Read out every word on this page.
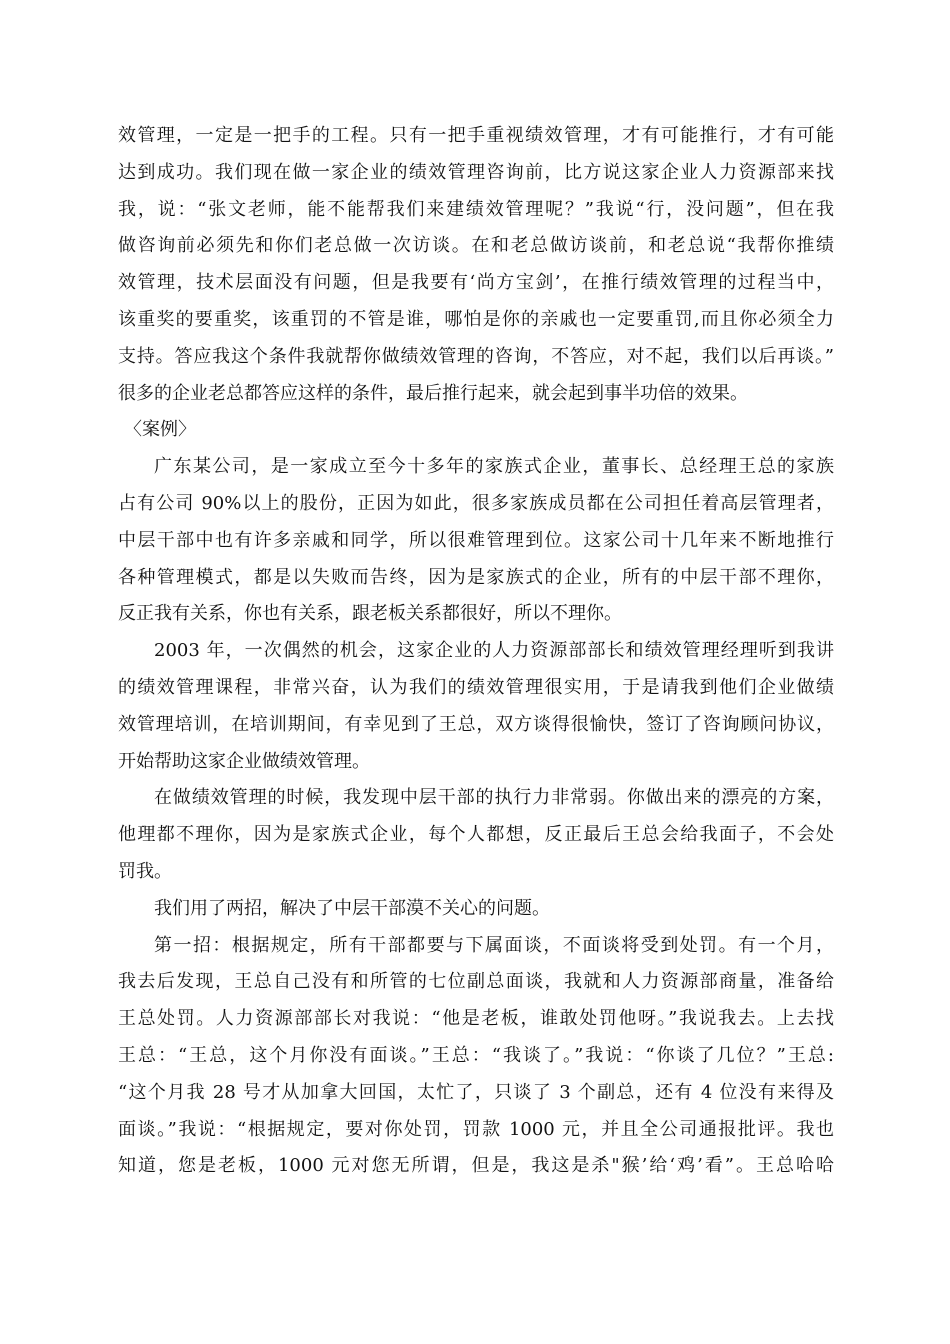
效管理，一定是一把手的工程。只有一把手重视绩效管理，才有可能推行，才有可能
达到成功。我们现在做一家企业的绩效管理咨询前，比方说这家企业人力资源部来找
我，说：“张文老师，能不能帮我们来建绩效管理呢？”我说“行，没问题”，但在我
做咨询前必须先和你们老总做一次访谈。在和老总做访谈前，和老总说“我帮你推绩
效管理，技术层面没有问题，但是我要有‘尚方宝剑’，在推行绩效管理的过程当中，
该重奖的要重奖，该重罚的不管是谁，哪怕是你的亲戚也一定要重罚,而且你必须全力
支持。答应我这个条件我就帮你做绩效管理的咨询，不答应，对不起，我们以后再谈。”
很多的企业老总都答应这样的条件，最后推行起来，就会起到事半功倍的效果。
〈案例〉
广东某公司，是一家成立至今十多年的家族式企业，董事长、总经理王总的家族
占有公司 90%以上的股份，正因为如此，很多家族成员都在公司担任着高层管理者，
中层干部中也有许多亲戚和同学，所以很难管理到位。这家公司十几年来不断地推行
各种管理模式，都是以失败而告终，因为是家族式的企业，所有的中层干部不理你，
反正我有关系，你也有关系，跟老板关系都很好，所以不理你。
2003 年，一次偶然的机会，这家企业的人力资源部部长和绩效管理经理听到我讲
的绩效管理课程，非常兴奋，认为我们的绩效管理很实用，于是请我到他们企业做绩
效管理培训，在培训期间，有幸见到了王总，双方谈得很愉快，签订了咨询顾问协议，
开始帮助这家企业做绩效管理。
在做绩效管理的时候，我发现中层干部的执行力非常弱。你做出来的漂亮的方案，
他理都不理你，因为是家族式企业，每个人都想，反正最后王总会给我面子，不会处
罚我。
我们用了两招，解决了中层干部漠不关心的问题。
第一招：根据规定，所有干部都要与下属面谈，不面谈将受到处罚。有一个月，
我去后发现，王总自己没有和所管的七位副总面谈，我就和人力资源部商量，准备给
王总处罚。人力资源部部长对我说：“他是老板，谁敢处罚他呀。”我说我去。上去找
王总：“王总，这个月你没有面谈。”王总：“我谈了。”我说：“你谈了几位？”王总:
“这个月我 28 号才从加拿大回国，太忙了，只谈了 3 个副总，还有 4 位没有来得及
面谈。”我说：“根据规定，要对你处罚，罚款 1000 元，并且全公司通报批评。我也
知道，您是老板，1000 元对您无所谓，但是，我这是杀"猴’给‘鸡’看”。王总哈哈
